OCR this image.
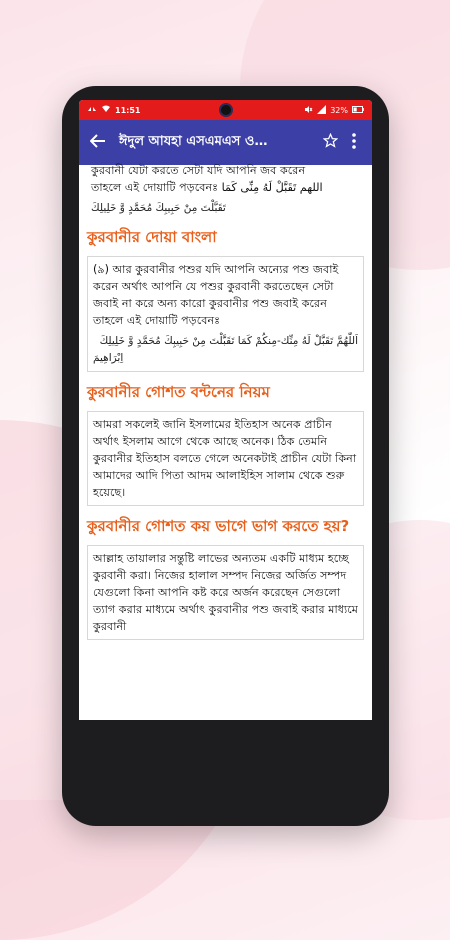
11:51	32%
ঈদুল আযহা এসএমএস ও…
কুরবানী যেটা করতে সেটা যদি আপনি জব করেন
তাহলে এই দোয়াটি পড়বেনঃ اللهم تَقَبَّلْ لَهُ مِنِّى كَمَا
تَقَبَّلْتَ مِنْ حَبِيبِكَ مُحَمَّدٍ وَّ خَلِيلِكَ
কুরবানীর দোয়া বাংলা
(৯) আর কুরবানীর পশুর যদি আপনি অন্যের পশু জবাই করেন অর্থাৎ আপনি যে পশুর কুরবানী করতেছেন সেটা জবাই না করে অন্য কারো কুরবানীর পশু জবাই করেন তাহলে এই দোয়াটি পড়বেনঃ
اَللّٰهُمَّ تَقَبَّلْ لَهُ مِنِّك-مِنكُمْ كَمَا تَقَبَّلْتَ مِنْ حَبِيبِكَ مُحَمَّدٍ وَّ خَلِيلِكَ
اِبْرَاهِيمَ
কুরবানীর গোশত বন্টনের নিয়ম
আমরা সকলেই জানি ইসলামের ইতিহাস অনেক প্রাচীন অর্থাৎ ইসলাম আগে থেকে আছে অনেক। ঠিক তেমনি কুরবানীর ইতিহাস বলতে গেলে অনেকটাই প্রাচীন যেটা কিনা আমাদের আদি পিতা আদম আলাইহিস সালাম থেকে শুরু হয়েছে।
কুরবানীর গোশত কয় ভাগে ভাগ করতে হয়?
আল্লাহ তায়ালার সন্তুষ্টি লাভের অন্যতম একটি মাধ্যম হচ্ছে কুরবানী করা। নিজের হালাল সম্পদ নিজের অর্জিত সম্পদ যেগুলো কিনা আপনি কষ্ট করে অর্জন করেছেন সেগুলো ত্যাগ করার মাধ্যমে অর্থাৎ কুরবানীর পশু জবাই করার মাধ্যমে কুরবানী
